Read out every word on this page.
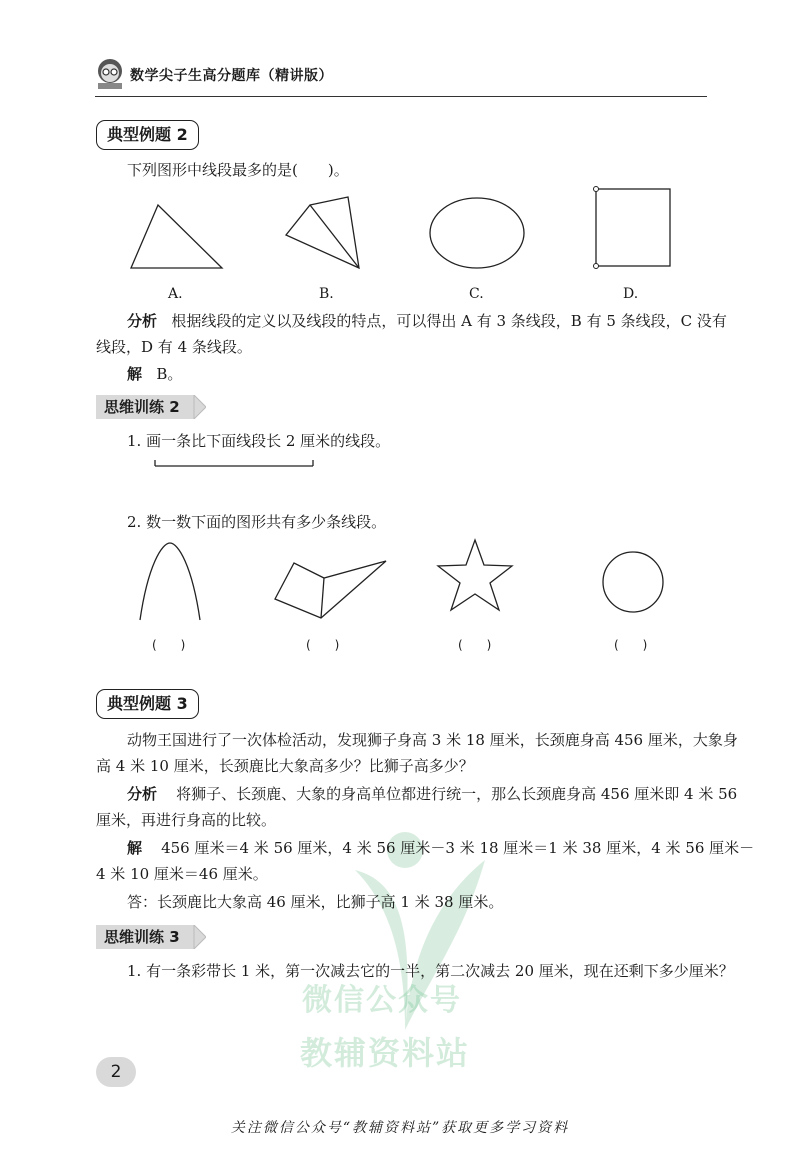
数学尖子生高分题库（精讲版）
典型例题 2
下列图形中线段最多的是(　　)。
A.	B.	C.	D.
分析 根据线段的定义以及线段的特点，可以得出 A 有 3 条线段，B 有 5 条线段，C 没有
线段，D 有 4 条线段。
解 B。
思维训练 2
1. 画一条比下面线段长 2 厘米的线段。
2. 数一数下面的图形共有多少条线段。
(　　)	(　　)	(　　)	(　　)
微信公众号
教辅资料站
典型例题 3
动物王国进行了一次体检活动，发现狮子身高 3 米 18 厘米，长颈鹿身高 456 厘米，大象身
高 4 米 10 厘米，长颈鹿比大象高多少？比狮子高多少？
分析 将狮子、长颈鹿、大象的身高单位都进行统一，那么长颈鹿身高 456 厘米即 4 米 56
厘米，再进行身高的比较。
解 456 厘米＝4 米 56 厘米，4 米 56 厘米－3 米 18 厘米＝1 米 38 厘米，4 米 56 厘米－
4 米 10 厘米＝46 厘米。
答：长颈鹿比大象高 46 厘米，比狮子高 1 米 38 厘米。
思维训练 3
1. 有一条彩带长 1 米，第一次减去它的一半，第二次减去 20 厘米，现在还剩下多少厘米？
2
关注微信公众号“教辅资料站”获取更多学习资料
